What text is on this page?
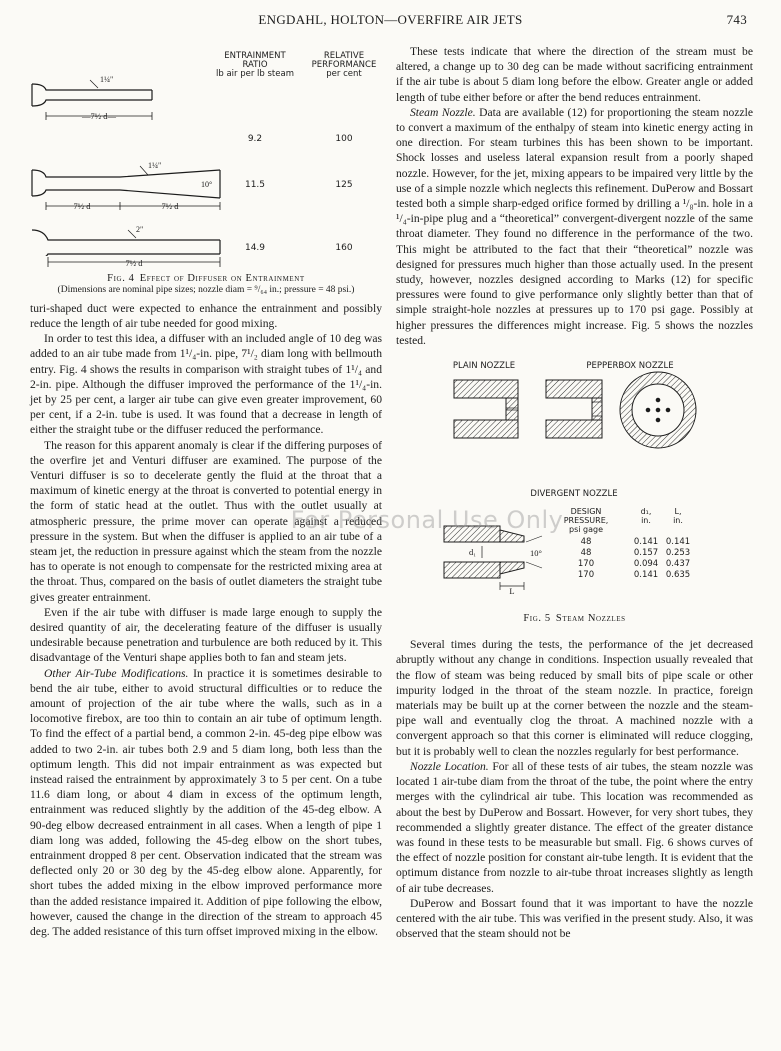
ENGDAHL, HOLTON—OVERFIRE AIR JETS	743
ENTRAINMENT
RATIO
lb air per lb steam
RELATIVE
PERFORMANCE
per cent
1¼"
—7½ d—
9.2	100
1¼"
10°
7½ d	7½ d
11.5	125
2"
14.9	160
7½ d
Fig. 4 Effect of Diffuser on Entrainment
(Dimensions are nominal pipe sizes; nozzle diam = ⁹/₆₄ in.; pressure = 48 psi.)

turi-shaped duct were expected to enhance the entrainment and possibly reduce the length of air tube needed for good mixing.

In order to test this idea, a diffuser with an included angle of 10 deg was added to an air tube made from 1¹/₄-in. pipe, 7¹/₂ diam long with bellmouth entry. Fig. 4 shows the results in comparison with straight tubes of 1¹/₄ and 2-in. pipe. Although the diffuser improved the performance of the 1¹/₄-in. jet by 25 per cent, a larger air tube can give even greater improvement, 60 per cent, if a 2-in. tube is used. It was found that a decrease in length of either the straight tube or the diffuser reduced the performance.

The reason for this apparent anomaly is clear if the differing purposes of the overfire jet and Venturi diffuser are examined. The purpose of the Venturi diffuser is so to decelerate gently the fluid at the throat that a maximum of kinetic energy at the throat is converted to potential energy in the form of static head at the outlet. Thus with the outlet usually at atmospheric pressure, the prime mover can operate against a reduced pressure in the system. But when the diffuser is applied to an air tube of a steam jet, the reduction in pressure against which the steam from the nozzle has to operate is not enough to compensate for the restricted mixing area at the throat. Thus, compared on the basis of outlet diameters the straight tube gives greater entrainment.

Even if the air tube with diffuser is made large enough to supply the desired quantity of air, the decelerating feature of the diffuser is usually undesirable because penetration and turbulence are both reduced by it. This disadvantage of the Venturi shape applies both to fan and steam jets.

Other Air-Tube Modifications. In practice it is sometimes desirable to bend the air tube, either to avoid structural difficulties or to reduce the amount of projection of the air tube where the walls, such as in a locomotive firebox, are too thin to contain an air tube of optimum length. To find the effect of a partial bend, a common 2-in. 45-deg pipe elbow was added to two 2-in. air tubes both 2.9 and 5 diam long, both less than the optimum length. This did not impair entrainment as was expected but instead raised the entrainment by approximately 3 to 5 per cent. On a tube 11.6 diam long, or about 4 diam in excess of the optimum length, entrainment was reduced slightly by the addition of the 45-deg elbow. A 90-deg elbow decreased entrainment in all cases. When a length of pipe 1 diam long was added, following the 45-deg elbow on the short tubes, entrainment dropped 8 per cent. Observation indicated that the stream was deflected only 20 or 30 deg by the 45-deg elbow alone. Apparently, for short tubes the added mixing in the elbow improved performance more than the added resistance impaired it. Addition of pipe following the elbow, however, caused the change in the direction of the stream to approach 45 deg. The added resistance of this turn offset improved mixing in the elbow.

These tests indicate that where the direction of the stream must be altered, a change up to 30 deg can be made without sacrificing entrainment if the air tube is about 5 diam long before the elbow. Greater angle or added length of tube either before or after the bend reduces entrainment.

Steam Nozzle. Data are available (12) for proportioning the steam nozzle to convert a maximum of the enthalpy of steam into kinetic energy acting in one direction. For steam turbines this has been shown to be important. Shock losses and useless lateral expansion result from a poorly shaped nozzle. However, for the jet, mixing appears to be impaired very little by the use of a simple nozzle which neglects this refinement. DuPerow and Bossart tested both a simple sharp-edged orifice formed by drilling a ¹/₈-in. hole in a ¹/₄-in-pipe plug and a “theoretical” convergent-divergent nozzle of the same throat diameter. They found no difference in the performance of the two. This might be attributed to the fact that their “theoretical” nozzle was designed for pressures much higher than those actually used. In the present study, however, nozzles designed according to Marks (12) for specific pressures were found to give performance only slightly better than that of simple straight-hole nozzles at pressures up to 170 psi gage. Possibly at higher pressures the differences might increase. Fig. 5 shows the nozzles tested.

PLAIN NOZZLE	PEPPERBOX NOZZLE
DIVERGENT NOZZLE
d₁	10°
L
DESIGN
PRESSURE,
psi gage
d₁,
in.
L,
in.
48	0.141 0.141
48	0.157 0.253
170	0.094 0.437
170	0.141 0.635
Fig. 5 Steam Nozzles

Several times during the tests, the performance of the jet decreased abruptly without any change in conditions. Inspection usually revealed that the flow of steam was being reduced by small bits of pipe scale or other impurity lodged in the throat of the steam nozzle. In practice, foreign materials may be built up at the corner between the nozzle and the steam-pipe wall and eventually clog the throat. A machined nozzle with a convergent approach so that this corner is eliminated will reduce clogging, but it is probably well to clean the nozzles regularly for best performance.

Nozzle Location. For all of these tests of air tubes, the steam nozzle was located 1 air-tube diam from the throat of the tube, the point where the entry merges with the cylindrical air tube. This location was recommended as about the best by DuPerow and Bossart. However, for very short tubes, they recommended a slightly greater distance. The effect of the greater distance was found in these tests to be measurable but small. Fig. 6 shows curves of the effect of nozzle position for constant air-tube length. It is evident that the optimum distance from nozzle to air-tube throat increases slightly as length of air tube decreases.

DuPerow and Bossart found that it was important to have the nozzle centered with the air tube. This was verified in the present study. Also, it was observed that the steam should not be

For Personal Use Only
